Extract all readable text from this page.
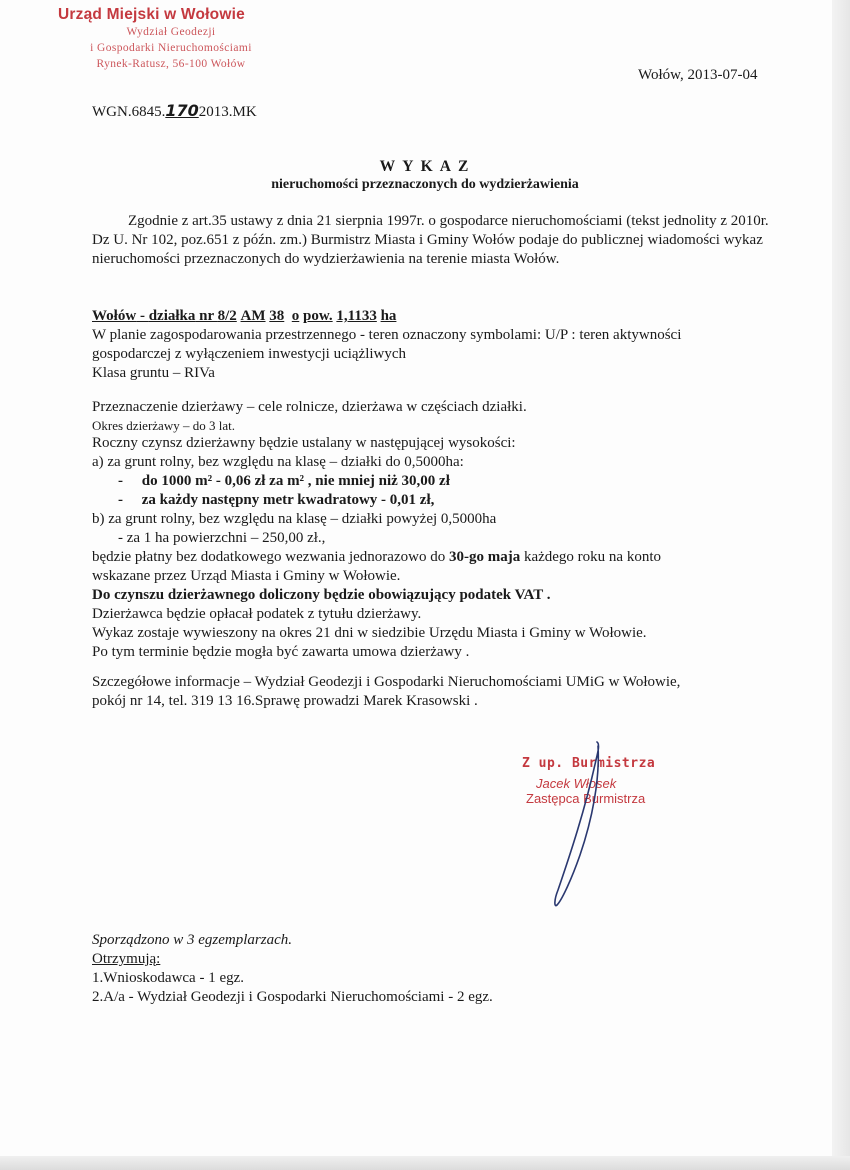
Urząd Miejski w Wołowie
Wydział Geodezji
i Gospodarki Nieruchomościami
Rynek-Ratusz, 56-100 Wołów
Wołów, 2013-07-04
WGN.6845.1702013.MK
W Y K A Z
nieruchomości przeznaczonych do wydzierżawienia
Zgodnie z art.35 ustawy z dnia 21 sierpnia 1997r. o gospodarce nieruchomościami (tekst jednolity z 2010r. Dz U. Nr 102, poz.651 z późn. zm.) Burmistrz Miasta i Gminy Wołów podaje do publicznej wiadomości wykaz nieruchomości przeznaczonych do wydzierżawienia na terenie miasta Wołów.
Wołów - działka nr 8/2 AM 38 o pow. 1,1133 ha
W planie zagospodarowania przestrzennego - teren oznaczony symbolami: U/P : teren aktywności
gospodarczej z wyłączeniem inwestycji uciążliwych
Klasa gruntu – RIVa
Przeznaczenie dzierżawy – cele rolnicze, dzierżawa w częściach działki.
Okres dzierżawy – do 3 lat.
Roczny czynsz dzierżawny będzie ustalany w następującej wysokości:
a) za grunt rolny, bez względu na klasę – działki do 0,5000ha:
-     do 1000 m² - 0,06 zł za m² , nie mniej niż 30,00 zł
-     za każdy następny metr kwadratowy - 0,01 zł,
b) za grunt rolny, bez względu na klasę – działki powyżej 0,5000ha
- za 1 ha powierzchni – 250,00 zł.,
będzie płatny bez dodatkowego wezwania jednorazowo do 30-go maja każdego roku na konto
wskazane przez Urząd Miasta i Gminy w Wołowie.
Do czynszu dzierżawnego doliczony będzie obowiązujący podatek VAT .
Dzierżawca będzie opłacał podatek z tytułu dzierżawy.
Wykaz zostaje wywieszony na okres 21 dni w siedzibie Urzędu Miasta i Gminy w Wołowie.
Po tym terminie będzie mogła być zawarta umowa dzierżawy .
Szczegółowe informacje – Wydział Geodezji i Gospodarki Nieruchomościami UMiG w Wołowie,
pokój nr 14, tel. 319 13 16.Sprawę prowadzi Marek Krasowski .
Z up. Burmistrza
Jacek Włosek
Zastępca Burmistrza
Sporządzono w 3 egzemplarzach.
Otrzymują:
1.Wnioskodawca - 1 egz.
2.A/a - Wydział Geodezji i Gospodarki Nieruchomościami - 2 egz.
